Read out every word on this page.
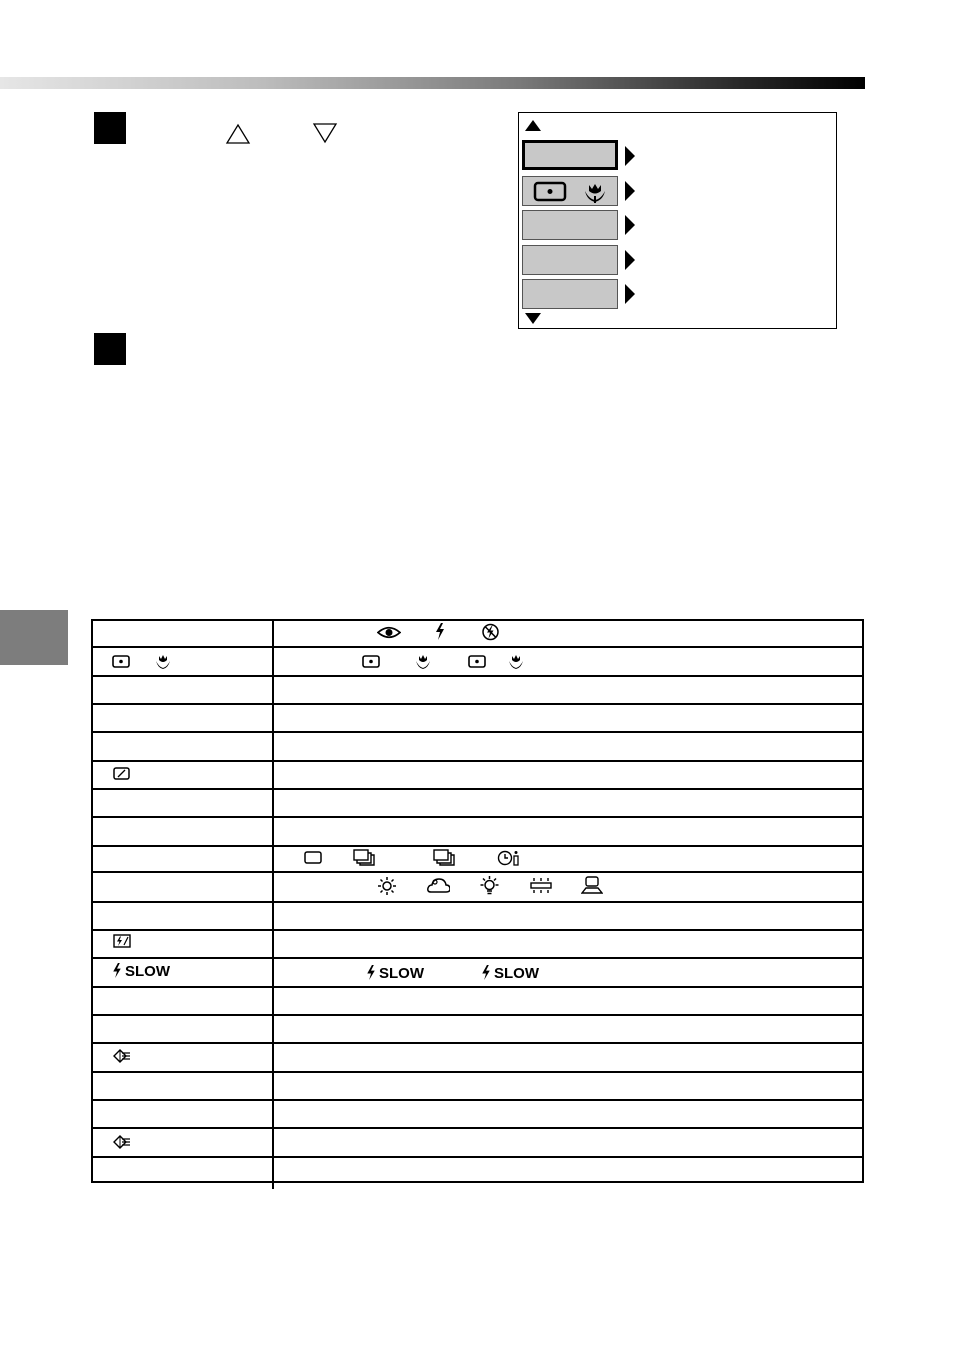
SLOW	SLOW	SLOW
